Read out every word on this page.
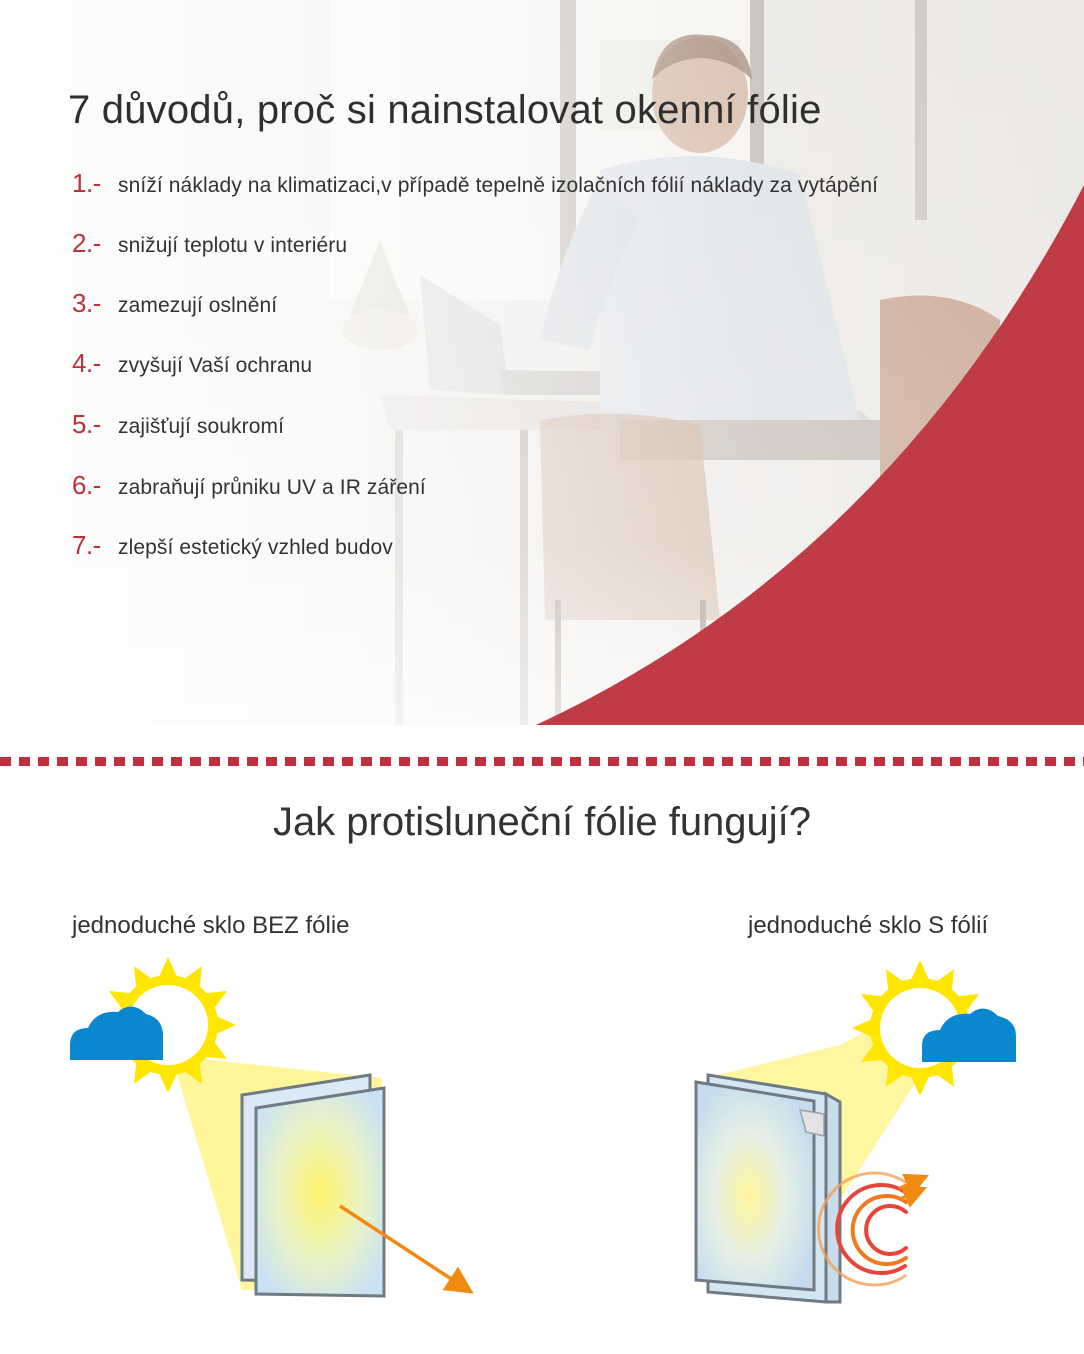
7 důvodů, proč si nainstalovat okenní fólie
1.- sníží náklady na klimatizaci,v případě tepelně izolačních fólií náklady za vytápění
2.- snižují teplotu v interiéru
3.- zamezují oslnění
4.- zvyšují Vaší ochranu
5.- zajišťují soukromí
6.- zabraňují průniku UV a IR záření
7.- zlepší estetický vzhled budov
Jak protisluneční fólie fungují?

jednoduché sklo BEZ fólie	jednoduché sklo S fólií
